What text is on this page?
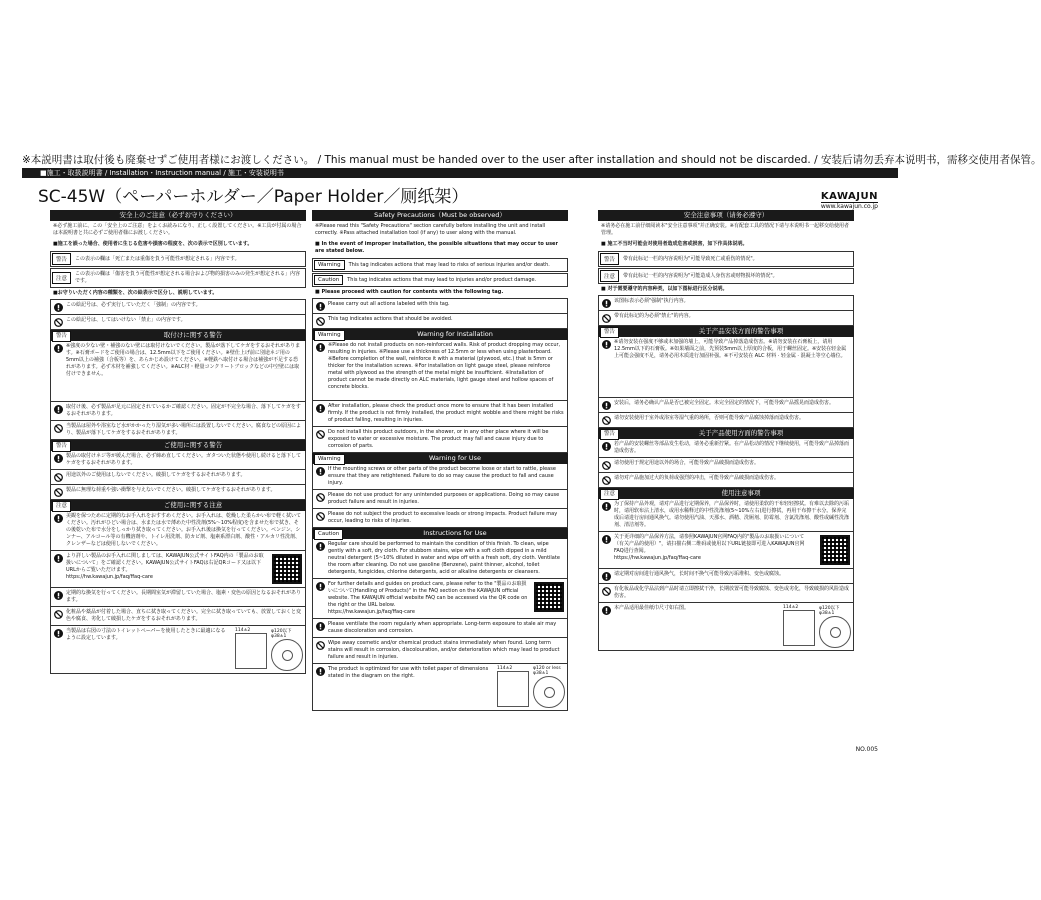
※本説明書は取付後も廃棄せずご使用者様にお渡しください。 / This manual must be handed over to the user after installation and should not be discarded. / 安装后请勿丢弃本说明书，需移交使用者保管。
■施工・取扱説明書 / Installation・Instruction manual / 施工・安装说明书
SC-45W（ペーパーホルダー／Paper Holder／厕纸架）	KAWAJUN
www.kawajun.co.jp
安全上のご注意（必ずお守りください）
※必ず施工前に、この「安全上のご注意」をよくお読みになり、正しく設置してください。※工具が付属の場合は本説明書と共に必ずご使用者様にお渡しください。
■施工を誤った場合、使用者に生じる危害や損害の程度を、次の表示で区別しています。
警告	この表示の欄は「死亡または重傷を負う可能性が想定される」内容です。
注意
この表示の欄は「傷害を負う可能性が想定される場合および物的損害のみの発生が想定される」内容です。
■お守りいただく内容の種類を、次の絵表示で区分し、説明しています。
この絵記号は、必ず実行していただく「強制」の内容です。
この絵記号は、してはいけない「禁止」の内容です。
警告	取付けに関する警告
※強度の少ない壁・補強のない壁には取付けないでください。製品が落下してケガをするおそれがあります。※石膏ボードをご使用の場合は、12.5mm以下をご使用ください。※壁仕上げ前に別途ネジ用の5mm以上の補強（合板等）を、あらかじめ設けてください。※軽鉄へ取付ける場合は補強が不足する恐れがあります。必ず木材を補強してください。※ALC材・軽量コンクリートブロックなどの中空壁には取付けできません。
取付け後、必ず製品が足元に固定されているかご確認ください。固定が不完全な場合、落下してケガをするおそれがあります。
当製品は屋外や浴室など水がかかったり湿気が多い場所には設置しないでください。腐食などの原因により、製品が落下してケガをするおそれがあります。
警告	ご使用に関する警告
製品の取付けネジ等が緩んだ場合、必ず締め直してください。ガタついた状態や使用し続けると落下してケガをするおそれがあります。
用途以外のご使用はしないでください。破損してケガをするおそれがあります。
製品に無理な荷重や強い衝撃を与えないでください。破損してケガをするおそれがあります。
注意	ご使用に関する注意
美観を保つために定期的なお手入れをおすすめください。お手入れは、乾燥した柔らかい布で軽く拭いてください。汚れがひどい場合は、水または水で薄めた中性洗剤(5%～10%程度)を含ませた布で拭き、その後乾いた布で水分をしっかり拭き取ってください。お手入れ後は換気を行ってください。ベンジン、シンナー、アルコール等の有機溶剤や、トイレ用洗剤、防カビ剤、塩素系漂白剤、酸性・アルカリ性洗剤、クレンザーなどは使用しないでください。
より詳しい製品のお手入れに関しましては、KAWAJUN公式サイトFAQ内の「製品のお取扱いについて」をご確認ください。KAWAJUN公式サイトFAQは右記QRコード又は以下URLからご覧いただけます。
https://hw.kawajun.jp/faq/ffaq-care
定期的な換気を行ってください。長期間室気が滞留していた場合、塩素・変色の原因となるおそれがあります。
化粧品や薬品が付着した場合、直ちに拭き取ってください。完全に拭き取っていても、放置しておくと変色や腐食、劣化して破損したケガをするおそれがあります。
当製品は右図の寸法のトイレットペーパーを使用したときに最適になるように設定しています。
114±2	φ120以下
φ38±1
Safety Precautions（Must be observed）
※Please read this "Safety Precautions" section carefully before installing the unit and install correctly. ※Pass attached installation tool (if any) to user along with the manual.
■ In the event of improper installation, the possible situations that may occur to user are stated below.
Warning	This tag indicates actions that may lead to risks of serious injuries and/or death.
Caution	This tag indicates actions that may lead to injuries and/or product damage.
■ Please proceed with caution for contents with the following tag.
Please carry out all actions labeled with this tag.
This tag indicates actions that should be avoided.
Warning	Warning for Installation
※Please do not install products on non-reinforced walls. Risk of product dropping may occur, resulting in injuries. ※Please use a thickness of 12.5mm or less when using plasterboard. ※Before completion of the wall, reinforce it with a material (plywood, etc.) that is 5mm or thicker for the installation screws. ※For installation on light gauge steel, please reinforce metal with plywood as the strength of the metal might be insufficient. ※Installation of product cannot be made directly on ALC materials, light gauge steel and hollow spaces of concrete blocks.
After installation, please check the product once more to ensure that it has been installed firmly. If the product is not firmly installed, the product might wobble and there might be risks of product falling, resulting in injuries.
Do not install this product outdoors, in the shower, or in any other place where it will be exposed to water or excessive moisture. The product may fall and cause injury due to corrosion of parts.
Warning	Warning for Use
If the mounting screws or other parts of the product become loose or start to rattle, please ensure that they are retightened. Failure to do so may cause the product to fall and cause injury.
Please do not use product for any unintended purposes or applications. Doing so may cause product failure and result in injuries.
Please do not subject the product to excessive loads or strong impacts. Product failure may occur, leading to risks of injuries.
Caution	Instructions for Use
Regular care should be performed to maintain the condition of this finish. To clean, wipe gently with a soft, dry cloth. For stubborn stains, wipe with a soft cloth dipped in a mild neutral detergent (5~10% diluted in water and wipe off with a fresh soft, dry cloth. Ventilate the room after cleaning. Do not use gasoline (Benzene), paint thinner, alcohol, toilet detergents, fungicides, chlorine detergents, acid or alkaline detergents or cleansers.
For further details and guides on product care, please refer to the "製品のお取扱いについて(Handling of Products)" in the FAQ section on the KAWAJUN official website. The KAWAJUN official website FAQ can be accessed via the QR code on the right or the URL below.
https://hw.kawajun.jp/faq/ffaq-care
Please ventilate the room regularly when appropriate. Long-term exposure to stale air may cause discoloration and corrosion.
Wipe away cosmetic and/or chemical product stains immediately when found. Long term stains will result in corrosion, discolouration, and/or deterioration which may lead to product failure and result in injuries.
The product is optimized for use with toilet paper of dimensions stated in the diagram on the right.
114±2	φ120 or less
φ38±1
安全注意事项（请务必遵守）
※请务必在施工前仔细阅读本"安全注意事项"并正确安装。※有配套工具的情况下请与本说明书一起移交给使用者管理。
■ 施工不当时可能会对使用者造成危害或损害，如下作具体说明。
警告	带有此标记一栏的内容说明为"可能导致死亡或重伤的情况"。
注意	带有此标记一栏的内容说明为"可能造成人身伤害或财物损坏的情况"。
■ 对于需要遵守的内容种类，以如下图标进行区分说明。
该图标表示必须"强制"执行内容。
带有此标记的为必须"禁止"的内容。
警告	关于产品安装方面的警告事项
※请勿安装在强度不够或未加强的墙上，可能导致产品掉落造成伤害。※请勿安装在石膏板上，请用12.5mm以下的石膏板。※如果墙面之前，先预装5mm以上厚度的合板，用于螺丝固定。※安装在轻金属上可能会强度不足，请务必用木质进行加固补强。※不可安装在 ALC 材料 · 轻金属 · 混凝土等空心墙位。
安装后，请务必确认产品是否已被完全固定。未完全固定的情况下，可能导致产品摇晃而造成伤害。
请勿安装使用于室外或浴室等湿气重的场所，否则可能导致产品腐蚀掉落而造成伤害。
警告	关于产品使用方面的警告事项
若产品的安装螺丝等部品发生松动，请务必重新拧紧。在产品松动的情况下继续使用，可能导致产品掉落而造成伤害。
请勿使用于规定用途以外的场合，可能导致产品破损而造成伤害。
请勿对产品施加过大的负荷或强烈的冲击，可能导致产品破损而造成伤害。
注意	使用注意事项
为了保持产品外观，请对产品进行定期保养，产品保养时，请使用柔软的干布轻轻擦拭。有难以去除的污垢时，请用软布沾上清水，或用水稀释过的中性洗涤剂(5~10%左右)进行擦拭，再用干布擦干水分。保养完成后请进行房间通风换气。请勿使用汽油、天那水、酒精、洗厕剂、防霉剂、含氯洗涤剂、酸性或碱性洗涤剂、清洁剂等。
关于更详细的产品保养方法，请参照KAWAJUN官网FAQ内的"製品のお取扱いについて（有关产品的使用）"，请扫描右侧二维码或使用以下URL链接即可进入KAWAJUN官网FAQ进行查阅。
https://hw.kawajun.jp/faq/ffaq-care
请定期对房间进行通风换气，长时间不换气可能导致污垢堆积、变色或腐蚀。
有化妆品或化学品沾到产品时请立即擦拭干净，长期放置可能导致腐蚀、变色或劣化，导致破损的风险造成伤害。
本产品适用最佳纸巾尺寸如右图。	114±2	φ120以下
φ38±1
NO.005
